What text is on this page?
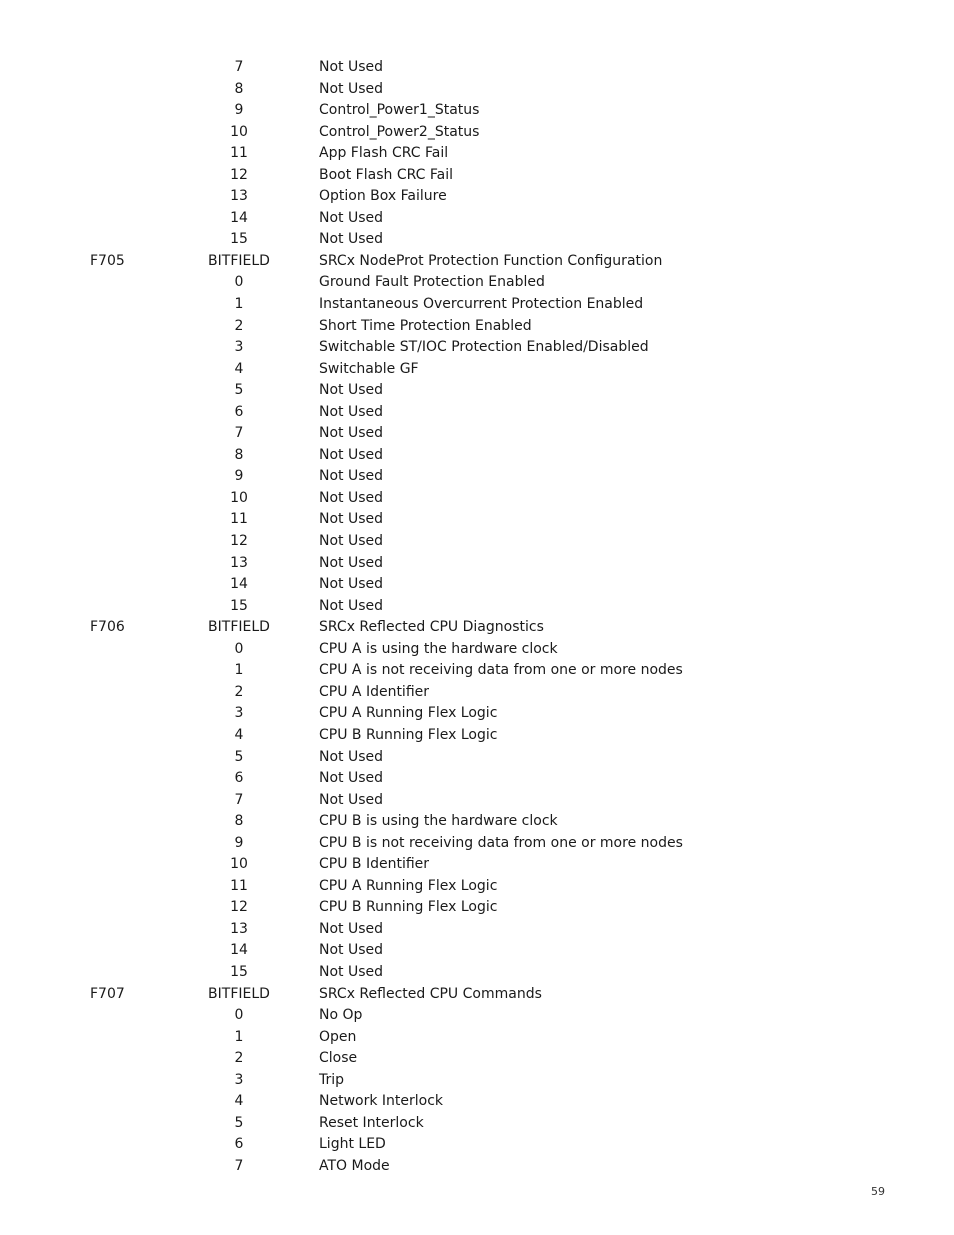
7	Not Used
8	Not Used
9	Control_Power1_Status
10	Control_Power2_Status
11	App Flash CRC Fail
12	Boot Flash CRC Fail
13	Option Box Failure
14	Not Used
15	Not Used
F705	BITFIELD	SRCx NodeProt Protection Function Configuration
0	Ground Fault Protection Enabled
1	Instantaneous Overcurrent Protection Enabled
2	Short Time Protection Enabled
3	Switchable ST/IOC Protection Enabled/Disabled
4	Switchable GF
5	Not Used
6	Not Used
7	Not Used
8	Not Used
9	Not Used
10	Not Used
11	Not Used
12	Not Used
13	Not Used
14	Not Used
15	Not Used
F706	BITFIELD	SRCx Reflected CPU Diagnostics
0	CPU A is using the hardware clock
1	CPU A is not receiving data from one or more nodes
2	CPU A Identifier
3	CPU A Running Flex Logic
4	CPU B Running Flex Logic
5	Not Used
6	Not Used
7	Not Used
8	CPU B is using the hardware clock
9	CPU B is not receiving data from one or more nodes
10	CPU B Identifier
11	CPU A Running Flex Logic
12	CPU B Running Flex Logic
13	Not Used
14	Not Used
15	Not Used
F707	BITFIELD	SRCx Reflected CPU Commands
0	No Op
1	Open
2	Close
3	Trip
4	Network Interlock
5	Reset Interlock
6	Light LED
7	ATO Mode
59
